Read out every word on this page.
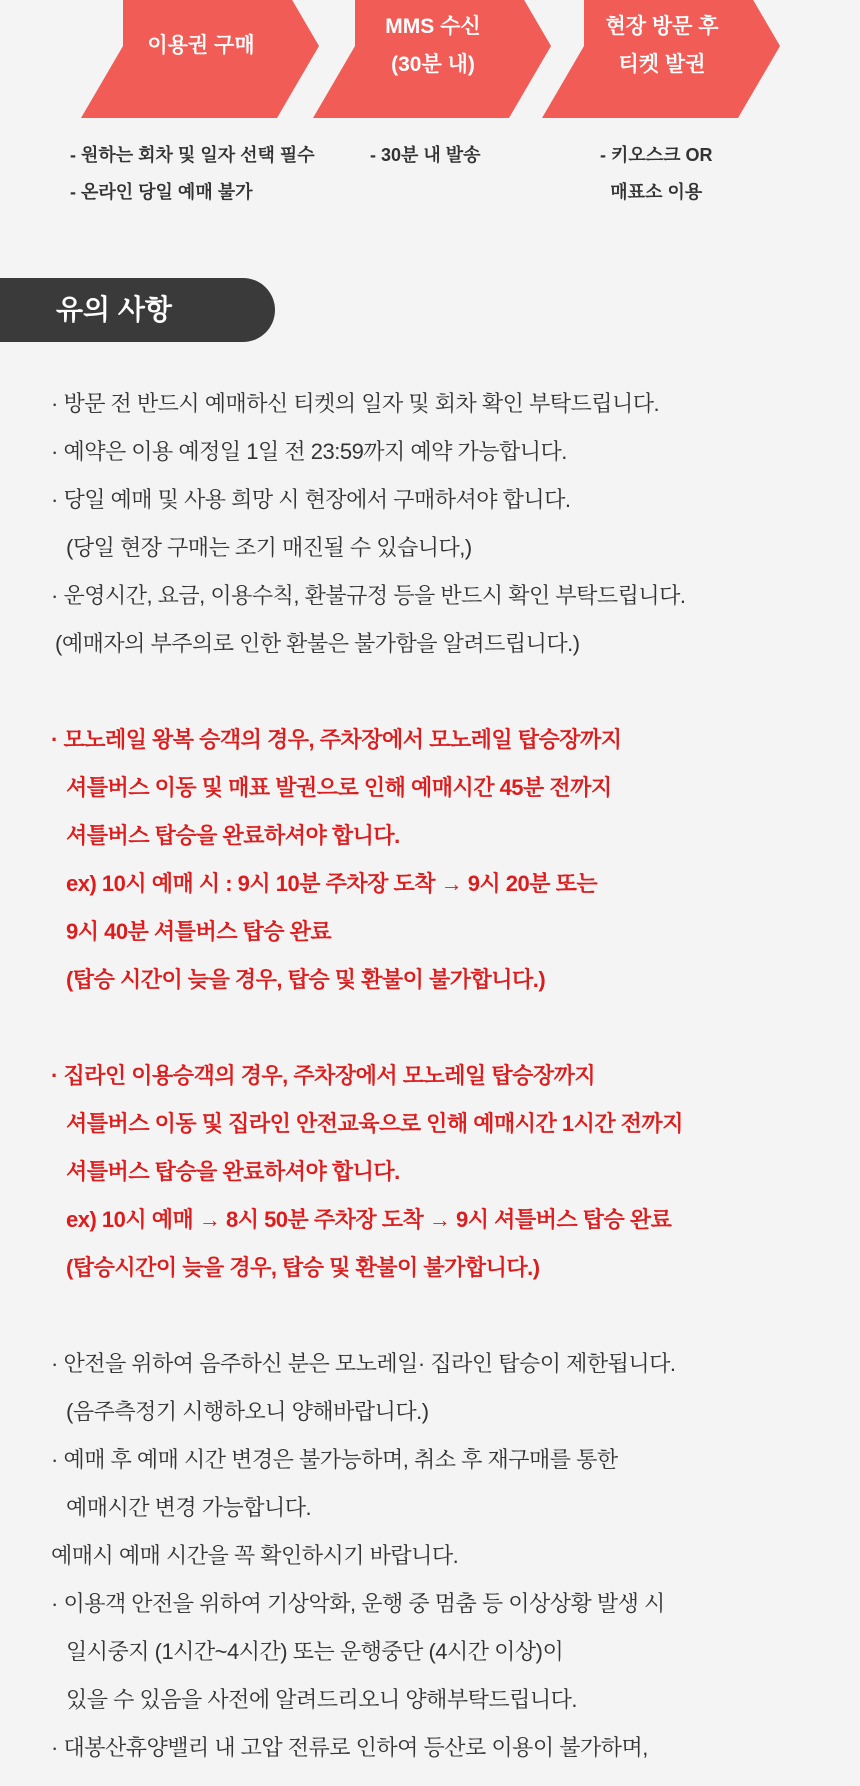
이용권 구매
MMS 수신
(30분 내)
현장 방문 후
티켓 발권
- 원하는 회차 및 일자 선택 필수
- 온라인 당일 예매 불가
- 30분 내 발송	- 키오스크 OR
매표소 이용
유의 사항
· 방문 전 반드시 예매하신 티켓의 일자 및 회차 확인 부탁드립니다.
· 예약은 이용 예정일 1일 전 23:59까지 예약 가능합니다.
· 당일 예매 및 사용 희망 시 현장에서 구매하셔야 합니다.
(당일 현장 구매는 조기 매진될 수 있습니다,)
· 운영시간, 요금, 이용수칙, 환불규정 등을 반드시 확인 부탁드립니다.
(예매자의 부주의로 인한 환불은 불가함을 알려드립니다.)
· 모노레일 왕복 승객의 경우, 주차장에서 모노레일 탑승장까지
셔틀버스 이동 및 매표 발권으로 인해 예매시간 45분 전까지
셔틀버스 탑승을 완료하셔야 합니다.
ex) 10시 예매 시 : 9시 10분 주차장 도착 → 9시 20분 또는
9시 40분 셔틀버스 탑승 완료
(탑승 시간이 늦을 경우, 탑승 및 환불이 불가합니다.)
· 집라인 이용승객의 경우, 주차장에서 모노레일 탑승장까지
셔틀버스 이동 및 집라인 안전교육으로 인해 예매시간 1시간 전까지
셔틀버스 탑승을 완료하셔야 합니다.
ex) 10시 예매 → 8시 50분 주차장 도착 → 9시 셔틀버스 탑승 완료
(탑승시간이 늦을 경우, 탑승 및 환불이 불가합니다.)
· 안전을 위하여 음주하신 분은 모노레일· 집라인 탑승이 제한됩니다.
(음주측정기 시행하오니 양해바랍니다.)
· 예매 후 예매 시간 변경은 불가능하며, 취소 후 재구매를 통한
예매시간 변경 가능합니다.
예매시 예매 시간을 꼭 확인하시기 바랍니다.
· 이용객 안전을 위하여 기상악화, 운행 중 멈춤 등 이상상황 발생 시
일시중지 (1시간~4시간) 또는 운행중단 (4시간 이상)이
있을 수 있음을 사전에 알려드리오니 양해부탁드립니다.
· 대봉산휴양밸리 내 고압 전류로 인하여 등산로 이용이 불가하며,
